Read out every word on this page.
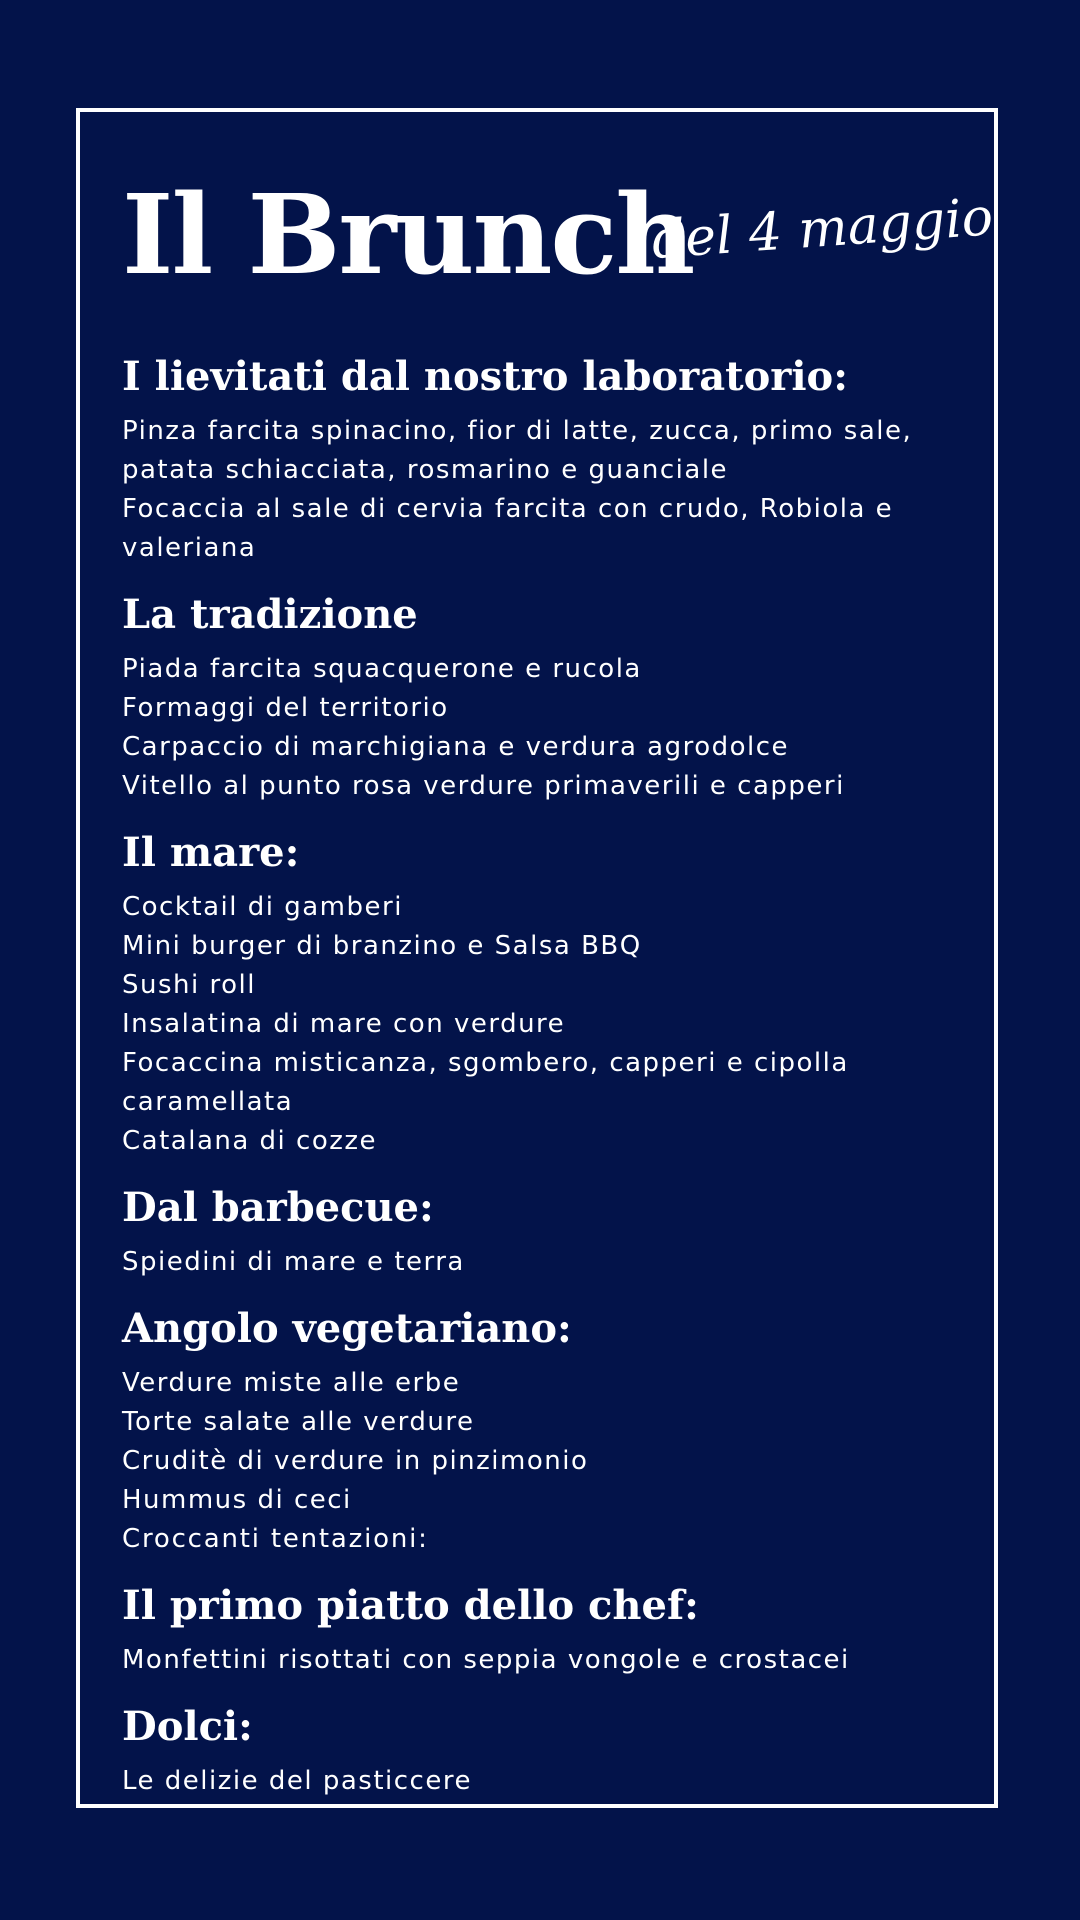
Il Brunch
del 4 maggio
I lievitati dal nostro laboratorio:
Pinza farcita spinacino, fior di latte, zucca, primo sale,
patata schiacciata, rosmarino e guanciale
Focaccia al sale di cervia farcita con crudo, Robiola e
valeriana
La tradizione
Piada farcita squacquerone e rucola
Formaggi del territorio
Carpaccio di marchigiana e verdura agrodolce
Vitello al punto rosa verdure primaverili e capperi
Il mare:
Cocktail di gamberi
Mini burger di branzino e Salsa BBQ
Sushi roll
Insalatina di mare con verdure
Focaccina misticanza, sgombero, capperi e cipolla
caramellata
Catalana di cozze
Dal barbecue:
Spiedini di mare e terra
Angolo vegetariano:
Verdure miste alle erbe
Torte salate alle verdure
Cruditè di verdure in pinzimonio
Hummus di ceci
Croccanti tentazioni:
Il primo piatto dello chef:
Monfettini risottati con seppia vongole e crostacei
Dolci:
Le delizie del pasticcere
